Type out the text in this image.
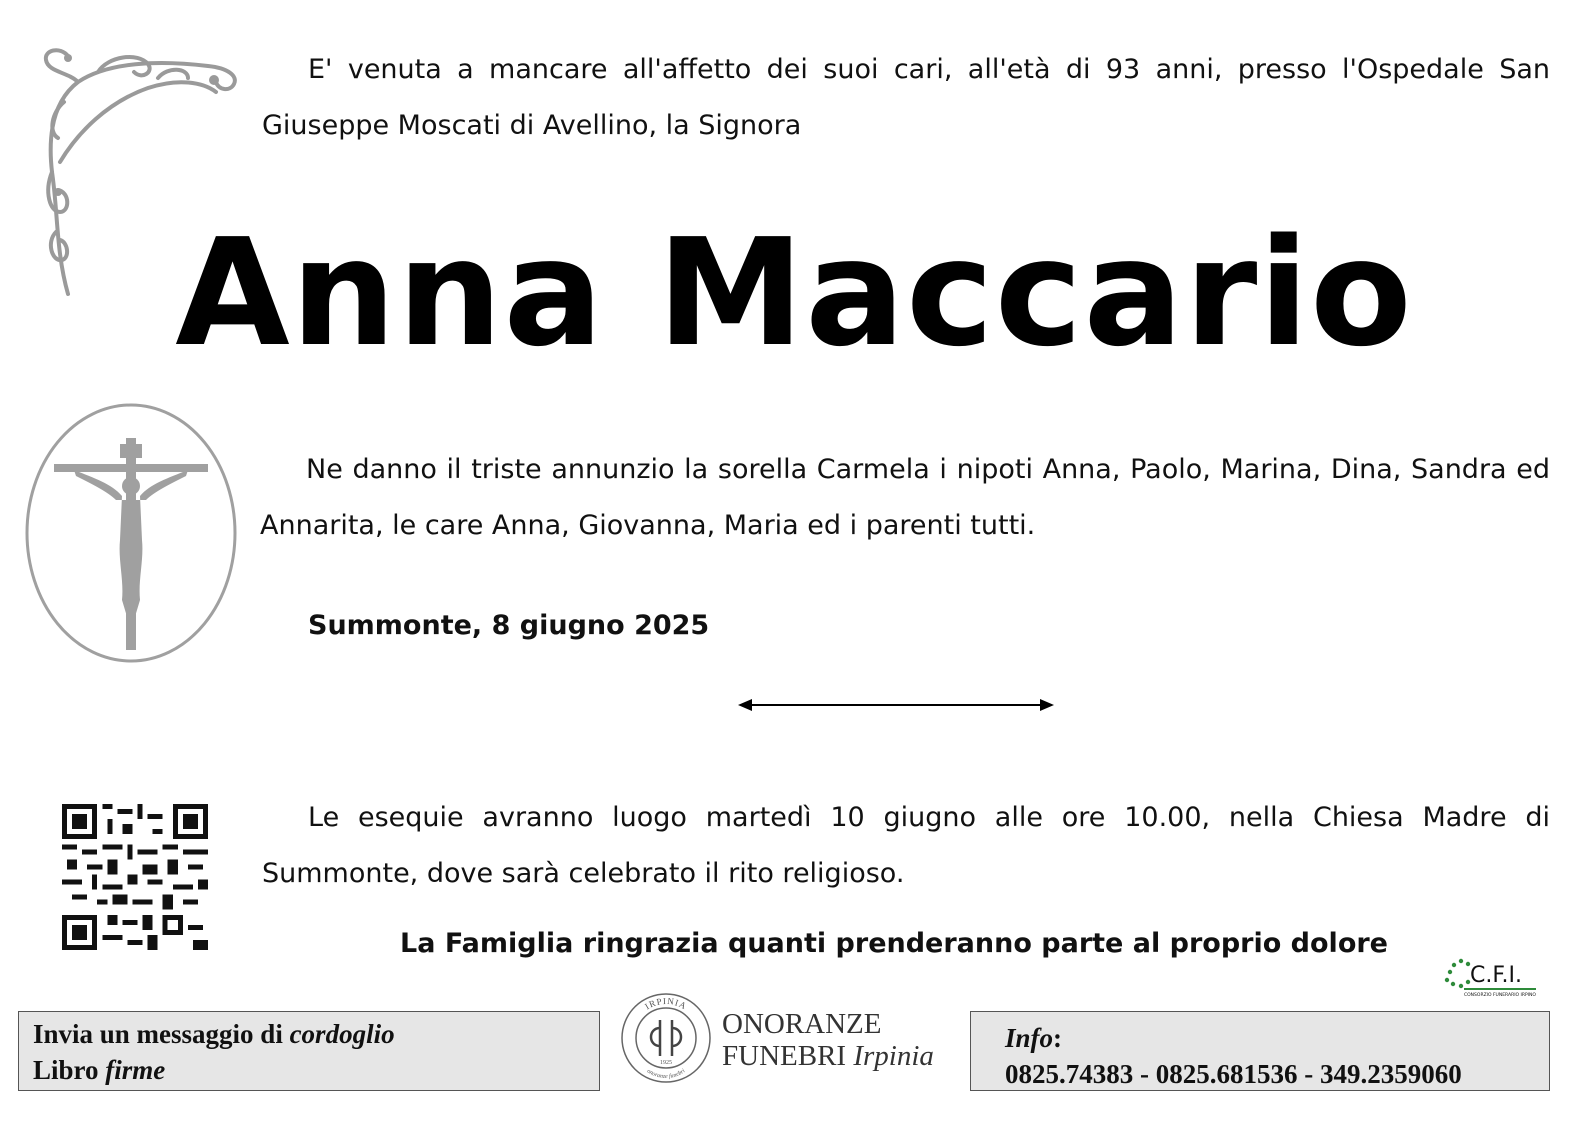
E' venuta a mancare all'affetto dei suoi cari, all'età di 93 anni, presso l'Ospedale San Giuseppe Moscati di Avellino, la Signora
Anna Maccario
Ne danno il triste annunzio la sorella Carmela i nipoti Anna, Paolo, Marina, Dina, Sandra ed Annarita, le care Anna, Giovanna, Maria ed i parenti tutti.
Summonte, 8 giugno 2025
Le esequie avranno luogo martedì 10 giugno alle ore 10.00, nella Chiesa Madre di Summonte, dove sarà celebrato il rito religioso.
La Famiglia ringrazia quanti prenderanno parte al proprio dolore
C.F.I.
CONSORZIO FUNERARIO IRPINO
Invia un messaggio di cordoglio
Libro firme
IRPINIA
onoranze funebri
1925
ONORANZE
FUNEBRI Irpinia
Info:
0825.74383 - 0825.681536 - 349.2359060
